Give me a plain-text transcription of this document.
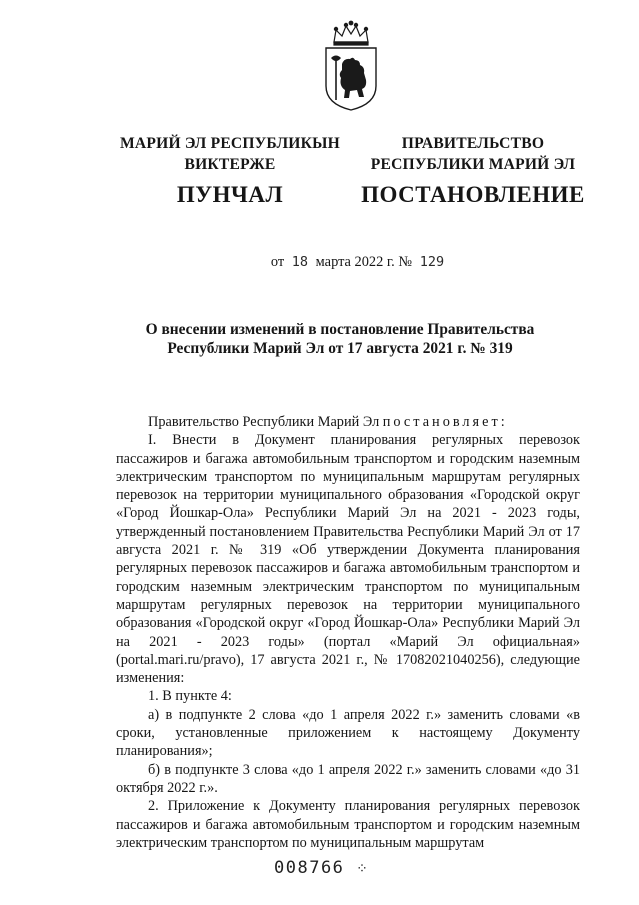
МАРИЙ ЭЛ РЕСПУБЛИКЫН
ВИКТЕРЖЕ
ПУНЧАЛ
ПРАВИТЕЛЬСТВО
РЕСПУБЛИКИ МАРИЙ ЭЛ
ПОСТАНОВЛЕНИЕ
от 18 марта 2022 г. № 129
О внесении изменений в постановление Правительства
Республики Марий Эл от 17 августа 2021 г. № 319

Правительство Республики Марий Эл постановляет:

I. Внести в Документ планирования регулярных перевозок пассажиров и багажа автомобильным транспортом и городским наземным электрическим транспортом по муниципальным маршрутам регулярных перевозок на территории муниципального образования «Городской округ «Город Йошкар-Ола» Республики Марий Эл на 2021 - 2023 годы, утвержденный постановлением Правительства Республики Марий Эл от 17 августа 2021 г. № 319 «Об утверждении Документа планирования регулярных перевозок пассажиров и багажа автомобильным транспортом и городским наземным электрическим транспортом по муниципальным маршрутам регулярных перевозок на территории муниципального образования «Городской округ «Город Йошкар-Ола» Республики Марий Эл на 2021 - 2023 годы» (портал «Марий Эл официальная» (portal.mari.ru/pravo), 17 августа 2021 г., № 17082021040256), следующие изменения:

1. В пункте 4:

а) в подпункте 2 слова «до 1 апреля 2022 г.» заменить словами «в сроки, установленные приложением к настоящему Документу планирования»;

б) в подпункте 3 слова «до 1 апреля 2022 г.» заменить словами «до 31 октября 2022 г.».

2. Приложение к Документу планирования регулярных перевозок пассажиров и багажа автомобильным транспортом и городским наземным электрическим транспортом по муниципальным маршрутам

008766 ⁘
